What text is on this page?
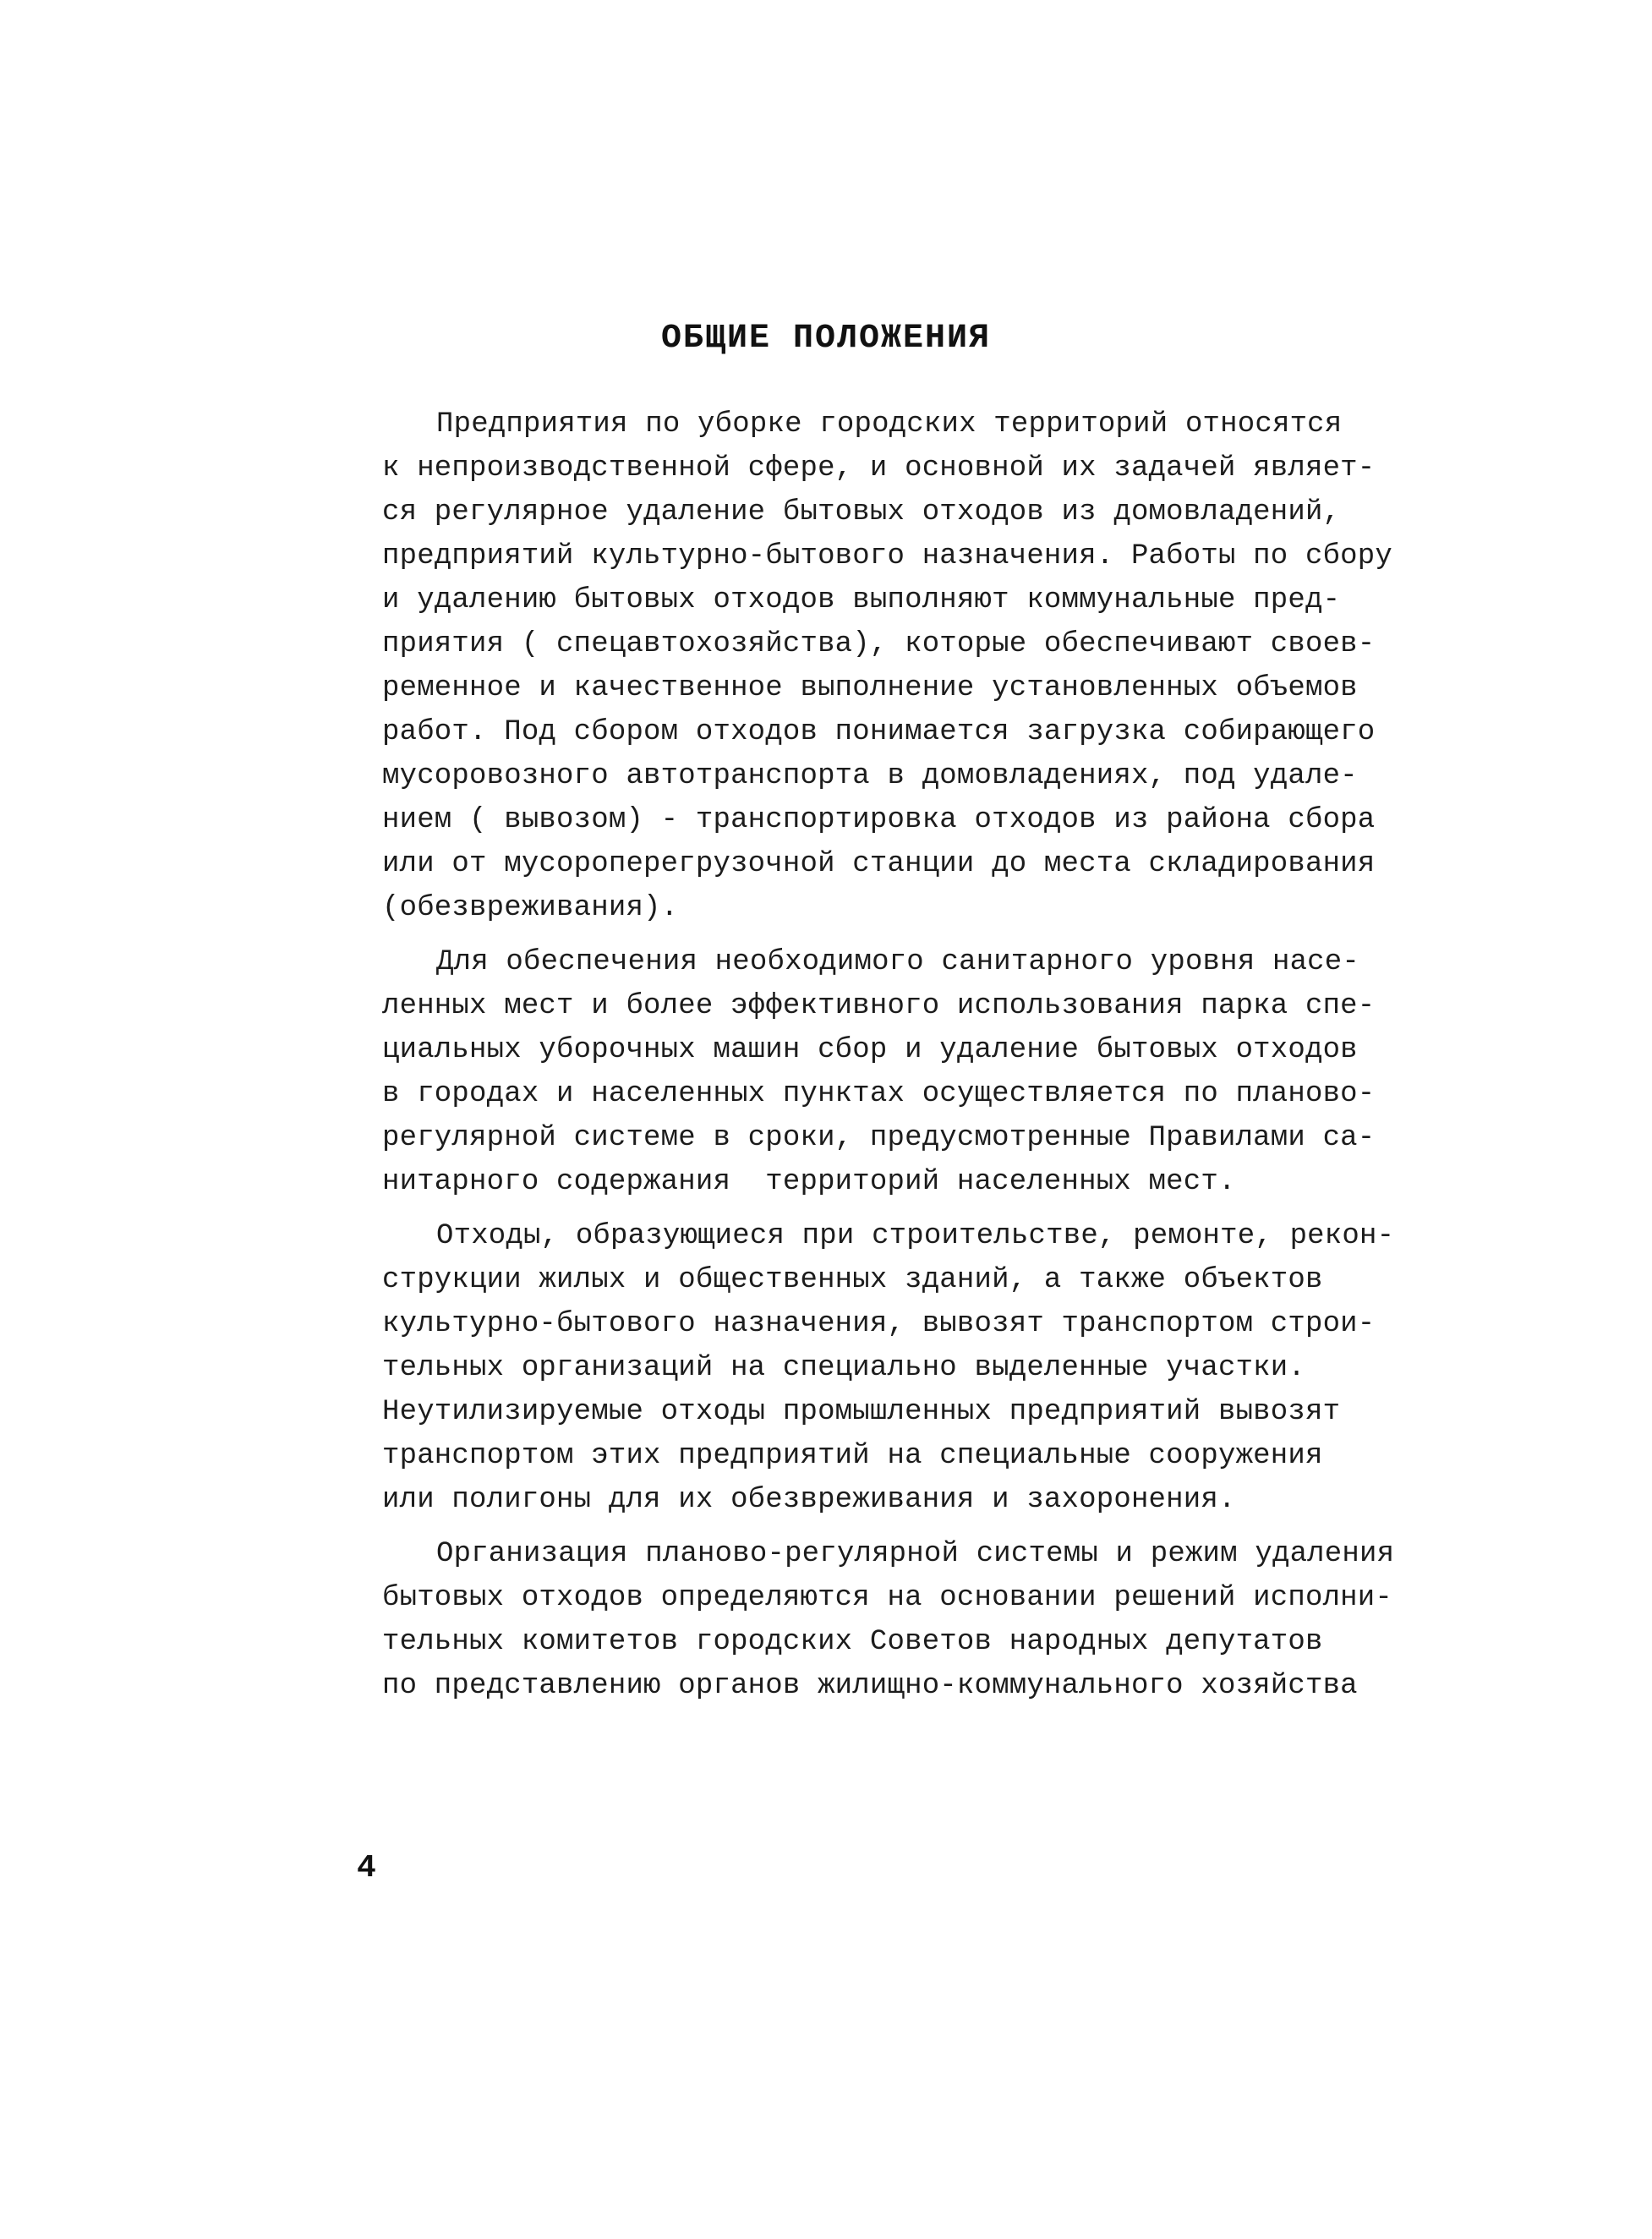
ОБЩИЕ ПОЛОЖЕНИЯ
Предприятия по уборке городских территорий относятся
к непроизводственной сфере, и основной их задачей являет-
ся регулярное удаление бытовых отходов из домовладений,
предприятий культурно-бытового назначения. Работы по сбору
и удалению бытовых отходов выполняют коммунальные пред-
приятия ( спецавтохозяйства), которые обеспечивают своев-
ременное и качественное выполнение установленных объемов
работ. Под сбором отходов понимается загрузка собирающего
мусоровозного автотранспорта в домовладениях, под удале-
нием ( вывозом) - транспортировка отходов из района сбора
или от мусороперегрузочной станции до места складирования
(обезвреживания).
Для обеспечения необходимого санитарного уровня насе-
ленных мест и более эффективного использования парка спе-
циальных уборочных машин сбор и удаление бытовых отходов
в городах и населенных пунктах осуществляется по планово-
регулярной системе в сроки, предусмотренные Правилами са-
нитарного содержания  территорий населенных мест.
Отходы, образующиеся при строительстве, ремонте, рекон-
струкции жилых и общественных зданий, а также объектов
культурно-бытового назначения, вывозят транспортом строи-
тельных организаций на специально выделенные участки.
Неутилизируемые отходы промышленных предприятий вывозят
транспортом этих предприятий на специальные сооружения
или полигоны для их обезвреживания и захоронения.
Организация планово-регулярной системы и режим удаления
бытовых отходов определяются на основании решений исполни-
тельных комитетов городских Советов народных депутатов
по представлению органов жилищно-коммунального хозяйства
4
